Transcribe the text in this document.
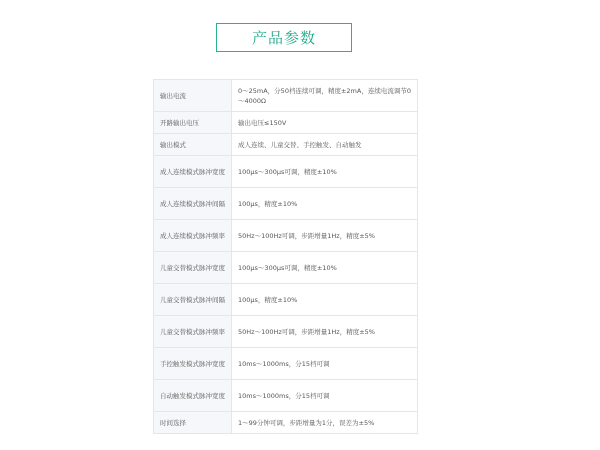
产品参数
输出电流	0～25mA，分50档连续可调，精度±2mA，连续电流调节0～4000Ω
开路输出电压	输出电压≤150V
输出模式	成人连续、儿童交替、手控触发、自动触发
成人连续模式脉冲宽度	100μs～300μs可调，精度±10%
成人连续模式脉冲间隔	100μs，精度±10%
成人连续模式脉冲频率	50Hz～100Hz可调，步距增量1Hz，精度±5%
儿童交替模式脉冲宽度	100μs～300μs可调，精度±10%
儿童交替模式脉冲间隔	100μs，精度±10%
儿童交替模式脉冲频率	50Hz～100Hz可调，步距增量1Hz，精度±5%
手控触发模式脉冲宽度	10ms～1000ms，分15档可调
自动触发模式脉冲宽度	10ms～1000ms，分15档可调
时间选择	1～99分钟可调，步距增量为1分，误差为±5%
